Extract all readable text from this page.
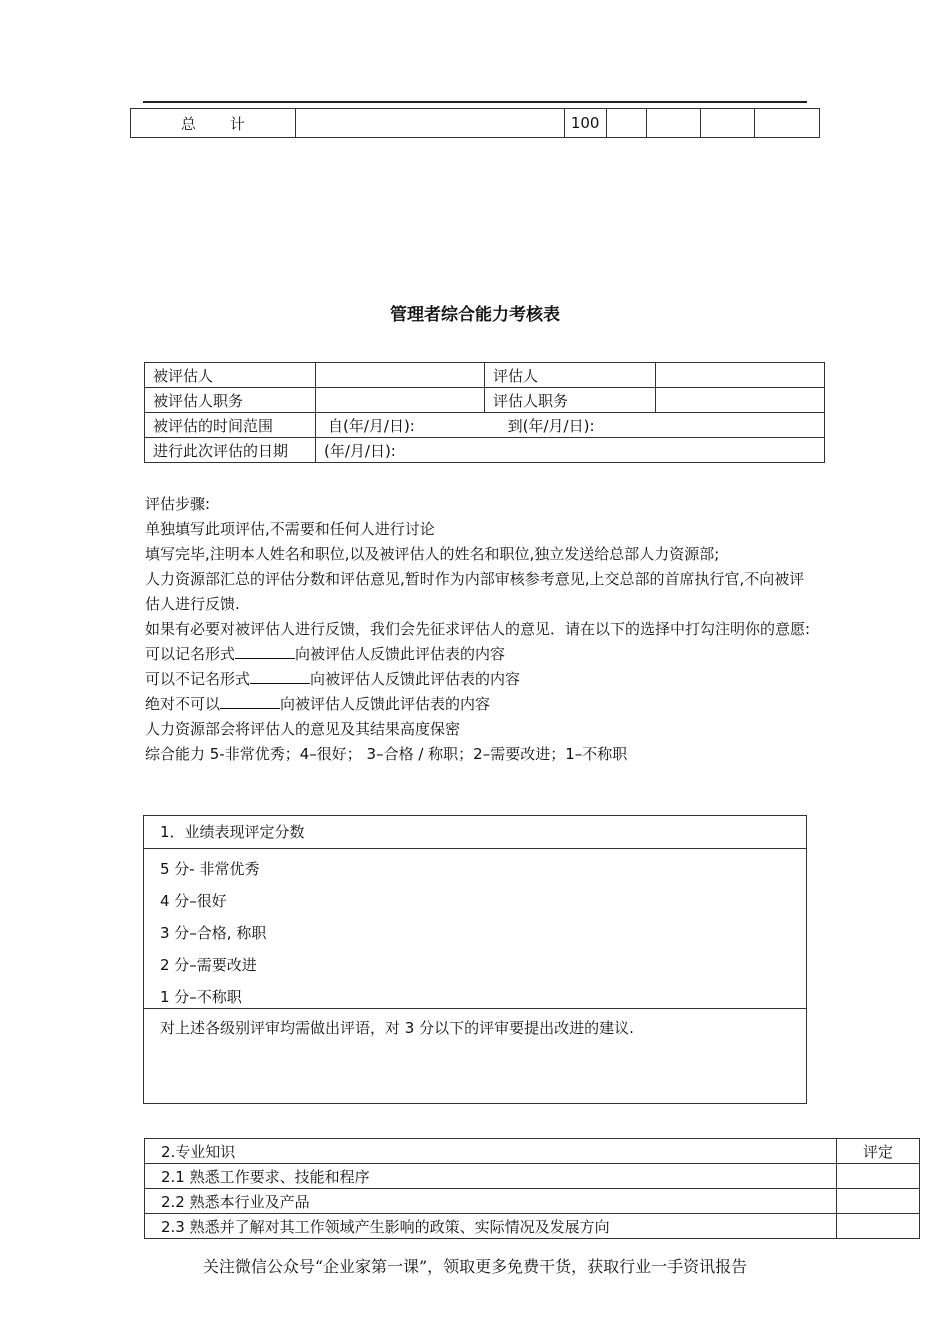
总 计		100				
管理者综合能力考核表
被评估人		评估人	
被评估人职务		评估人职务	
被评估的时间范围	自(年/月/日): 到(年/月/日):		
进行此次评估的日期	(年/月/日):		

评估步骤:

单独填写此项评估,不需要和任何人进行讨论

填写完毕,注明本人姓名和职位,以及被评估人的姓名和职位,独立发送给总部人力资源部;

人力资源部汇总的评估分数和评估意见,暂时作为内部审核参考意见,上交总部的首席执行官,不向被评估人进行反馈.

如果有必要对被评估人进行反馈，我们会先征求评估人的意见．请在以下的选择中打勾注明你的意愿:

可以记名形式	向被评估人反馈此评估表的内容

可以不记名形式	向被评估人反馈此评估表的内容

绝对不可以	向被评估人反馈此评估表的内容

人力资源部会将评估人的意见及其结果高度保密

综合能力 5-非常优秀；4–很好； 3–合格 / 称职；2–需要改进；1–不称职

1．业绩表现评定分数
5 分- 非常优秀
4 分–很好
3 分–合格, 称职
2 分–需要改进
1 分–不称职
对上述各级别评审均需做出评语，对 3 分以下的评审要提出改进的建议.
2.专业知识	评定
2.1 熟悉工作要求、技能和程序	
2.2 熟悉本行业及产品	
2.3 熟悉并了解对其工作领域产生影响的政策、实际情况及发展方向	
关注微信公众号“企业家第一课”，领取更多免费干货，获取行业一手资讯报告
